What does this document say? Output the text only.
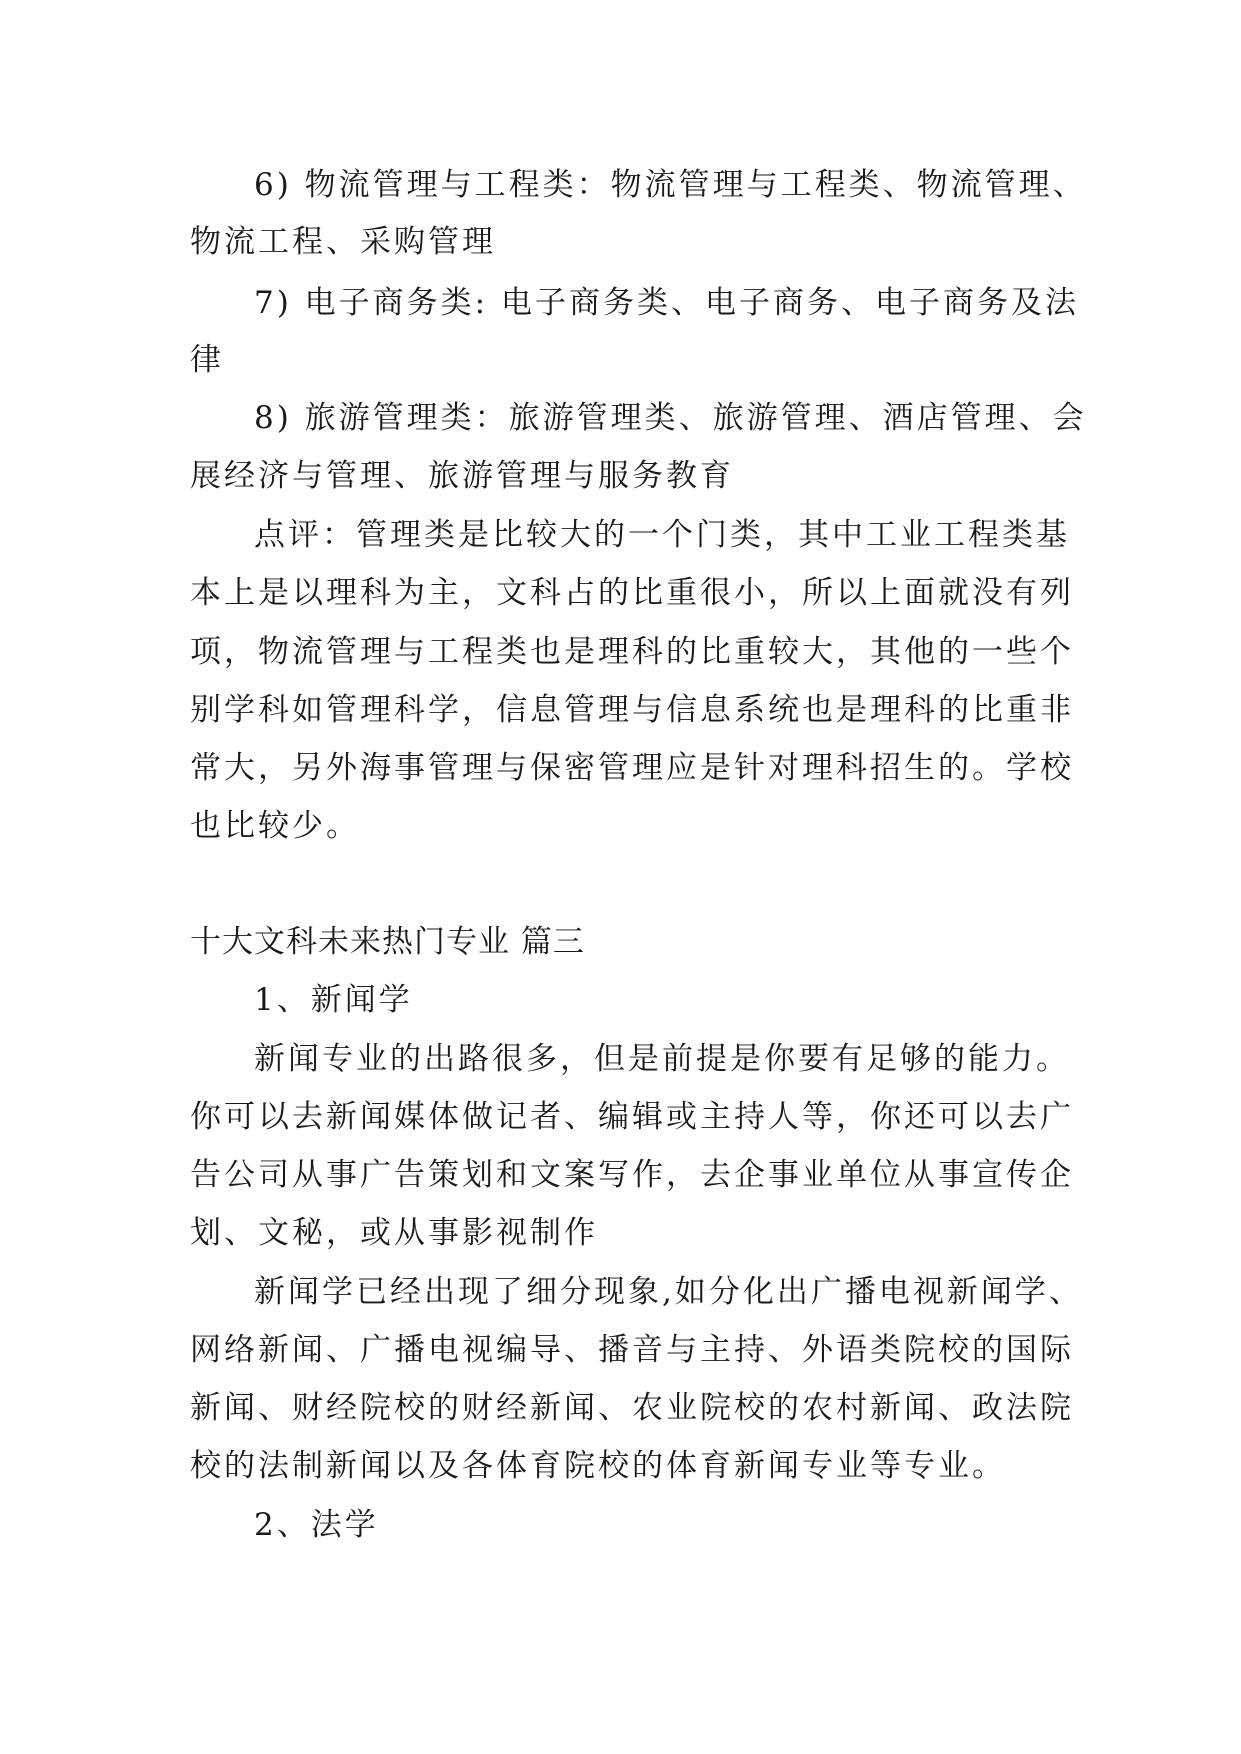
6) 物流管理与工程类：物流管理与工程类、物流管理、
物流工程、采购管理
7) 电子商务类: 电子商务类、电子商务、电子商务及法
律
8) 旅游管理类：旅游管理类、旅游管理、酒店管理、会
展经济与管理、旅游管理与服务教育
点评：管理类是比较大的一个门类，其中工业工程类基
本上是以理科为主，文科占的比重很小，所以上面就没有列
项，物流管理与工程类也是理科的比重较大，其他的一些个
别学科如管理科学，信息管理与信息系统也是理科的比重非
常大，另外海事管理与保密管理应是针对理科招生的。学校
也比较少。
十大文科未来热门专业 篇三
1、新闻学
新闻专业的出路很多，但是前提是你要有足够的能力。
你可以去新闻媒体做记者、编辑或主持人等，你还可以去广
告公司从事广告策划和文案写作，去企事业单位从事宣传企
划、文秘，或从事影视制作
新闻学已经出现了细分现象,如分化出广播电视新闻学、
网络新闻、广播电视编导、播音与主持、外语类院校的国际
新闻、财经院校的财经新闻、农业院校的农村新闻、政法院
校的法制新闻以及各体育院校的体育新闻专业等专业。
2、法学
